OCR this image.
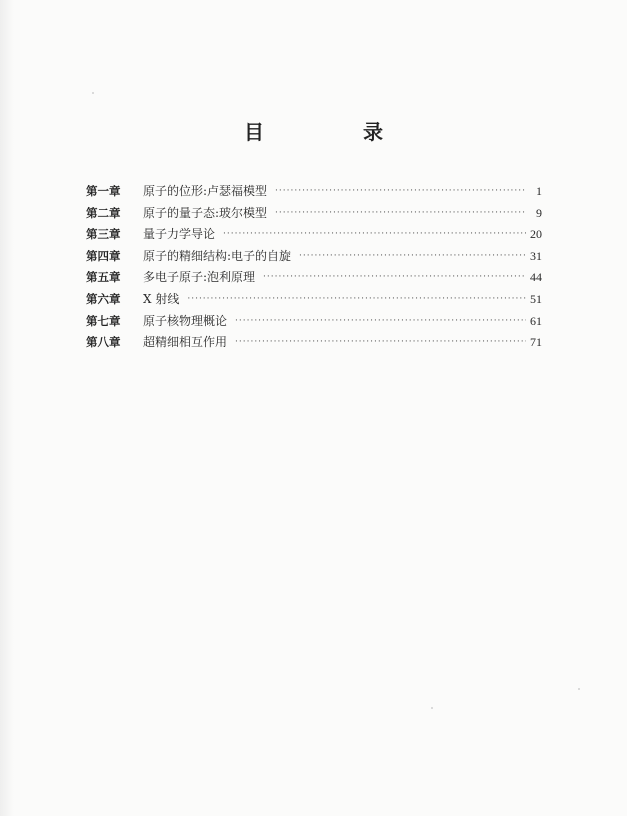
目 录
第一章	原子的位形:卢瑟福模型 ·····	1
第二章	原子的量子态:玻尔模型 ·····	9
第三章	量子力学导论 ·····	20
第四章	原子的精细结构:电子的自旋 ·····	31
第五章	多电子原子:泡利原理 ·····	44
第六章	X 射线 ·····	51
第七章	原子核物理概论 ·····	61
第八章	超精细相互作用 ·····	71
